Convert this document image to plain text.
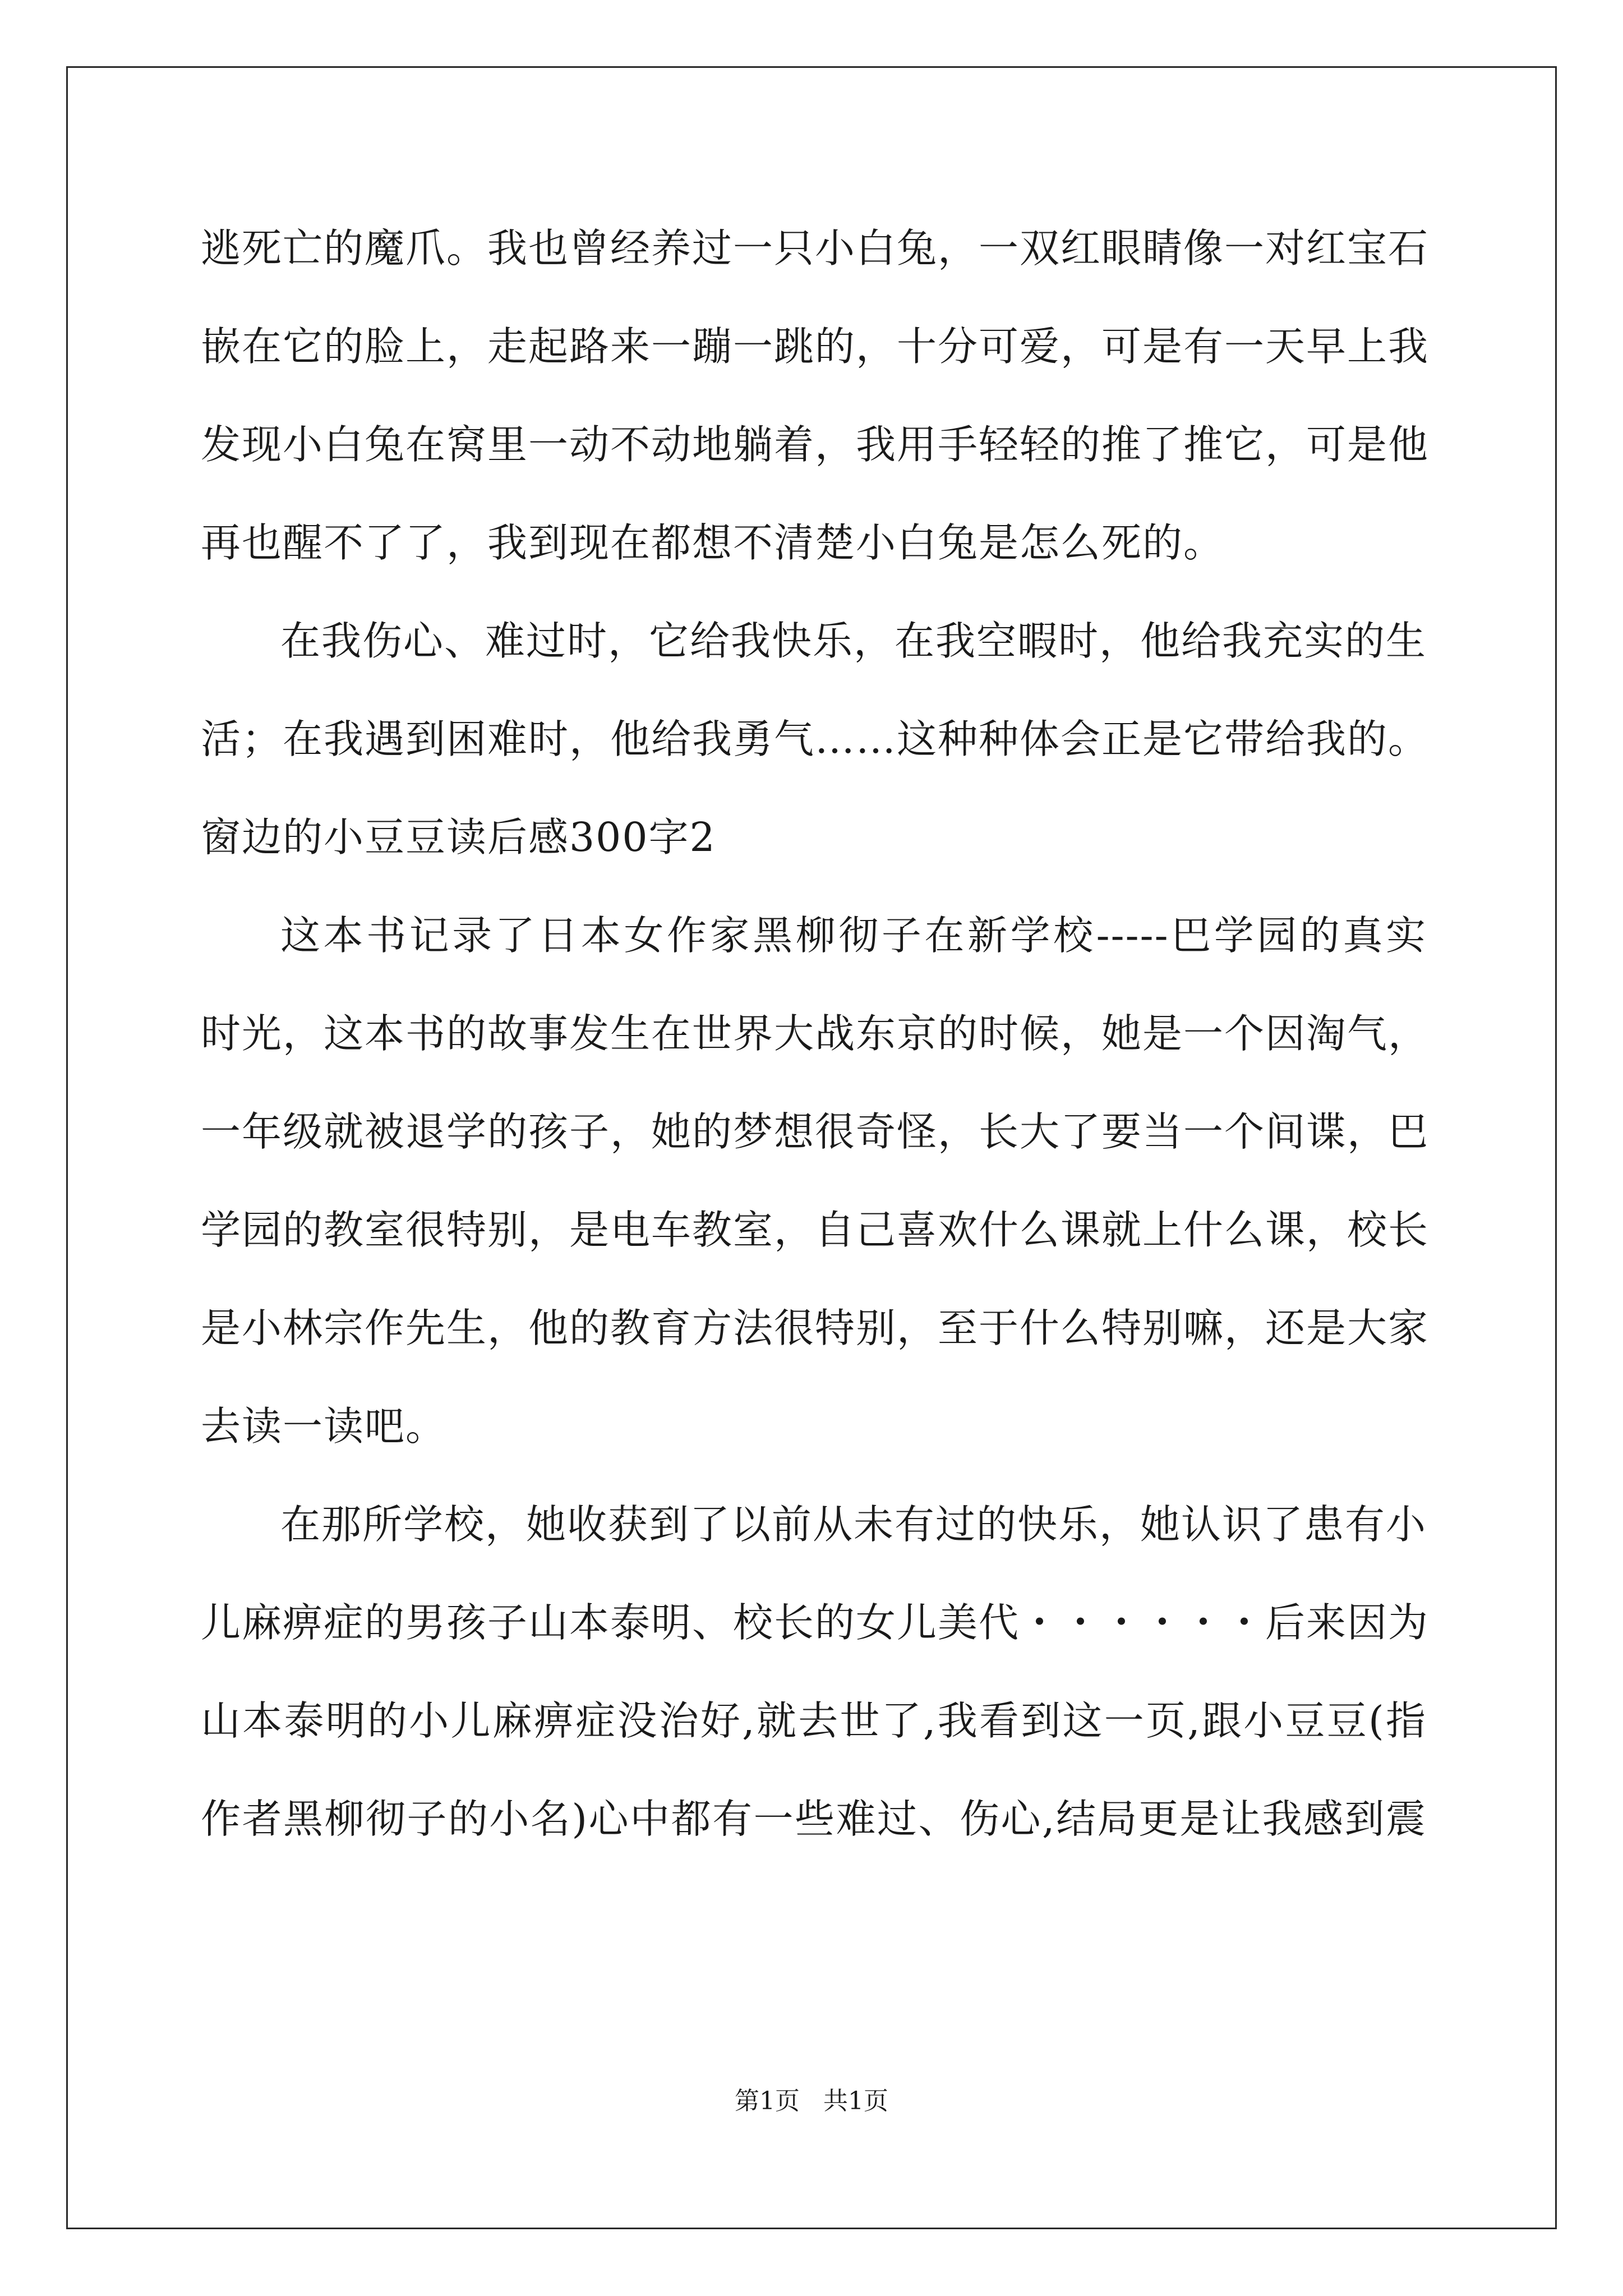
逃死亡的魔爪。我也曾经养过一只小白兔，一双红眼睛像一对红宝石
嵌在它的脸上，走起路来一蹦一跳的，十分可爱，可是有一天早上我
发现小白兔在窝里一动不动地躺着，我用手轻轻的推了推它，可是他
再也醒不了了，我到现在都想不清楚小白兔是怎么死的。
在我伤心、难过时，它给我快乐，在我空暇时，他给我充实的生
活；在我遇到困难时，他给我勇气……这种种体会正是它带给我的。
窗边的小豆豆读后感300字2
这本书记录了日本女作家黑柳彻子在新学校-----巴学园的真实
时光，这本书的故事发生在世界大战东京的时候，她是一个因淘气，
一年级就被退学的孩子，她的梦想很奇怪，长大了要当一个间谍，巴
学园的教室很特别，是电车教室，自己喜欢什么课就上什么课，校长
是小林宗作先生，他的教育方法很特别，至于什么特别嘛，还是大家
去读一读吧。
在那所学校，她收获到了以前从未有过的快乐，她认识了患有小
儿麻痹症的男孩子山本泰明、校长的女儿美代・・・・・・后来因为
山本泰明的小儿麻痹症没治好,就去世了,我看到这一页,跟小豆豆(指
作者黑柳彻子的小名)心中都有一些难过、伤心,结局更是让我感到震
第1页 共1页
